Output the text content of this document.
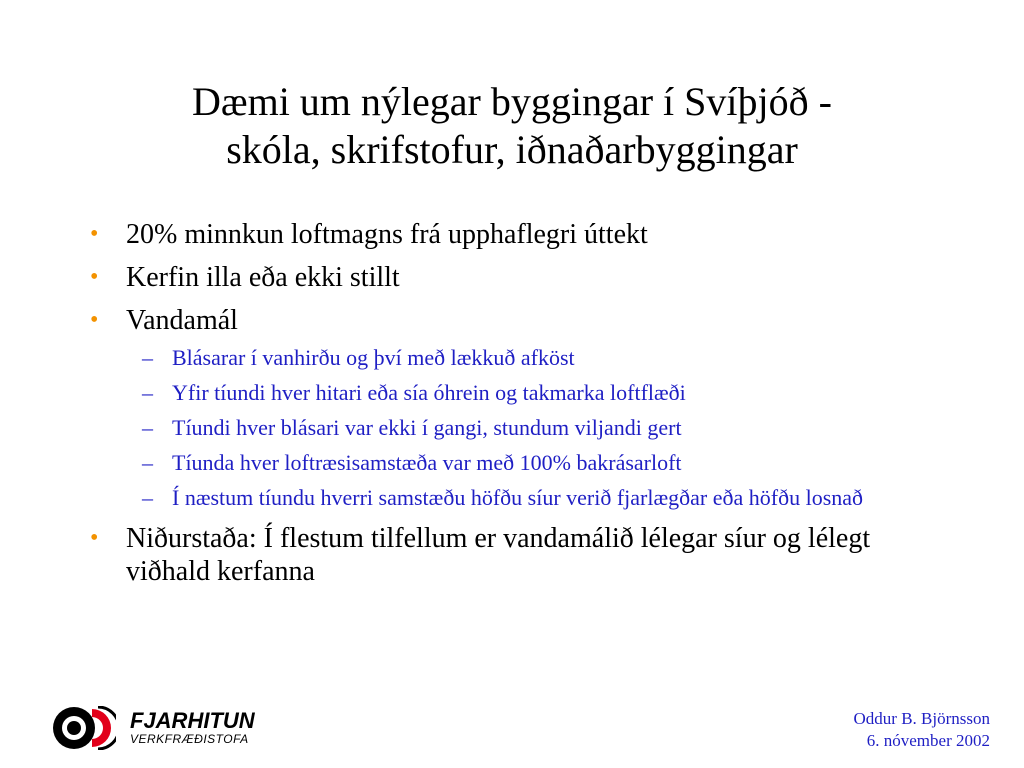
Dæmi um nýlegar byggingar í Svíþjóð -
skóla, skrifstofur, iðnaðarbyggingar
• 20% minnkun loftmagns frá upphaflegri úttekt
• Kerfin illa eða ekki stillt
• Vandamál
– Blásarar í vanhirðu og því með lækkuð afköst
– Yfir tíundi hver hitari eða sía óhrein og takmarka loftflæði
– Tíundi hver blásari var ekki í gangi, stundum viljandi gert
– Tíunda hver loftræsisamstæða var með 100% bakrásarloft
– Í næstum tíundu hverri samstæðu höfðu síur verið fjarlægðar eða höfðu losnað
• Niðurstaða: Í flestum tilfellum er vandamálið lélegar síur og lélegt viðhald kerfanna
FJARHITUN
VERKFRÆÐISTOFA
Oddur B. Björnsson
6. nóvember 2002
